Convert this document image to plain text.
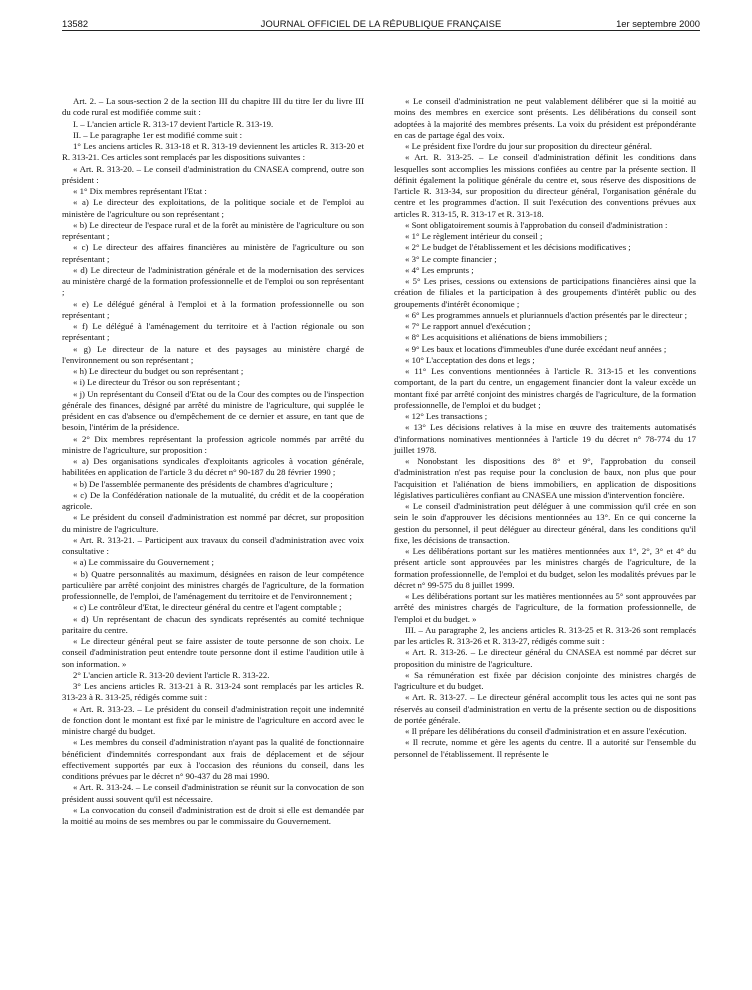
13582	JOURNAL OFFICIEL DE LA RÉPUBLIQUE FRANÇAISE	1er septembre 2000

Art. 2. – La sous-section 2 de la section III du chapitre III du titre Ier du livre III du code rural est modifiée comme suit :

I. – L'ancien article R. 313-17 devient l'article R. 313-19.

II. – Le paragraphe 1er est modifié comme suit :

1° Les anciens articles R. 313-18 et R. 313-19 deviennent les articles R. 313-20 et R. 313-21. Ces articles sont remplacés par les dispositions suivantes :

« Art. R. 313-20. – Le conseil d'administration du CNASEA comprend, outre son président :

« 1° Dix membres représentant l'Etat :

« a) Le directeur des exploitations, de la politique sociale et de l'emploi au ministère de l'agriculture ou son représentant ;

« b) Le directeur de l'espace rural et de la forêt au ministère de l'agriculture ou son représentant ;

« c) Le directeur des affaires financières au ministère de l'agriculture ou son représentant ;

« d) Le directeur de l'administration générale et de la modernisation des services au ministère chargé de la formation professionnelle et de l'emploi ou son représentant ;

« e) Le délégué général à l'emploi et à la formation professionnelle ou son représentant ;

« f) Le délégué à l'aménagement du territoire et à l'action régionale ou son représentant ;

« g) Le directeur de la nature et des paysages au ministère chargé de l'environnement ou son représentant ;

« h) Le directeur du budget ou son représentant ;

« i) Le directeur du Trésor ou son représentant ;

« j) Un représentant du Conseil d'Etat ou de la Cour des comptes ou de l'inspection générale des finances, désigné par arrêté du ministre de l'agriculture, qui supplée le président en cas d'absence ou d'empêchement de ce dernier et assure, en tant que de besoin, l'intérim de la présidence.

« 2° Dix membres représentant la profession agricole nommés par arrêté du ministre de l'agriculture, sur proposition :

« a) Des organisations syndicales d'exploitants agricoles à vocation générale, habilitées en application de l'article 3 du décret n° 90-187 du 28 février 1990 ;

« b) De l'assemblée permanente des présidents de chambres d'agriculture ;

« c) De la Confédération nationale de la mutualité, du crédit et de la coopération agricole.

« Le président du conseil d'administration est nommé par décret, sur proposition du ministre de l'agriculture.

« Art. R. 313-21. – Participent aux travaux du conseil d'administration avec voix consultative :

« a) Le commissaire du Gouvernement ;

« b) Quatre personnalités au maximum, désignées en raison de leur compétence particulière par arrêté conjoint des ministres chargés de l'agriculture, de la formation professionnelle, de l'emploi, de l'aménagement du territoire et de l'environnement ;

« c) Le contrôleur d'Etat, le directeur général du centre et l'agent comptable ;

« d) Un représentant de chacun des syndicats représentés au comité technique paritaire du centre.

« Le directeur général peut se faire assister de toute personne de son choix. Le conseil d'administration peut entendre toute personne dont il estime l'audition utile à son information. »

2° L'ancien article R. 313-20 devient l'article R. 313-22.

3° Les anciens articles R. 313-21 à R. 313-24 sont remplacés par les articles R. 313-23 à R. 313-25, rédigés comme suit :

« Art. R. 313-23. – Le président du conseil d'administration reçoit une indemnité de fonction dont le montant est fixé par le ministre de l'agriculture en accord avec le ministre chargé du budget.

« Les membres du conseil d'administration n'ayant pas la qualité de fonctionnaire bénéficient d'indemnités correspondant aux frais de déplacement et de séjour effectivement supportés par eux à l'occasion des réunions du conseil, dans les conditions prévues par le décret n° 90-437 du 28 mai 1990.

« Art. R. 313-24. – Le conseil d'administration se réunit sur la convocation de son président aussi souvent qu'il est nécessaire.

« La convocation du conseil d'administration est de droit si elle est demandée par la moitié au moins de ses membres ou par le commissaire du Gouvernement.

« Le conseil d'administration ne peut valablement délibérer que si la moitié au moins des membres en exercice sont présents. Les délibérations du conseil sont adoptées à la majorité des membres présents. La voix du président est prépondérante en cas de partage égal des voix.

« Le président fixe l'ordre du jour sur proposition du directeur général.

« Art. R. 313-25. – Le conseil d'administration définit les conditions dans lesquelles sont accomplies les missions confiées au centre par la présente section. Il définit également la politique générale du centre et, sous réserve des dispositions de l'article R. 313-34, sur proposition du directeur général, l'organisation générale du centre et les programmes d'action. Il suit l'exécution des conventions prévues aux articles R. 313-15, R. 313-17 et R. 313-18.

« Sont obligatoirement soumis à l'approbation du conseil d'administration :

« 1° Le règlement intérieur du conseil ;

« 2° Le budget de l'établissement et les décisions modificatives ;

« 3° Le compte financier ;

« 4° Les emprunts ;

« 5° Les prises, cessions ou extensions de participations financières ainsi que la création de filiales et la participation à des groupements d'intérêt public ou des groupements d'intérêt économique ;

« 6° Les programmes annuels et pluriannuels d'action présentés par le directeur ;

« 7° Le rapport annuel d'exécution ;

« 8° Les acquisitions et aliénations de biens immobiliers ;

« 9° Les baux et locations d'immeubles d'une durée excédant neuf années ;

« 10° L'acceptation des dons et legs ;

« 11° Les conventions mentionnées à l'article R. 313-15 et les conventions comportant, de la part du centre, un engagement financier dont la valeur excède un montant fixé par arrêté conjoint des ministres chargés de l'agriculture, de la formation professionnelle, de l'emploi et du budget ;

« 12° Les transactions ;

« 13° Les décisions relatives à la mise en œuvre des traitements automatisés d'informations nominatives mentionnées à l'article 19 du décret n° 78-774 du 17 juillet 1978.

« Nonobstant les dispositions des 8° et 9°, l'approbation du conseil d'administration n'est pas requise pour la conclusion de baux, non plus que pour l'acquisition et l'aliénation de biens immobiliers, en application de dispositions législatives particulières confiant au CNASEA une mission d'intervention foncière.

« Le conseil d'administration peut déléguer à une commission qu'il crée en son sein le soin d'approuver les décisions mentionnées au 13°. En ce qui concerne la gestion du personnel, il peut déléguer au directeur général, dans les conditions qu'il fixe, les décisions de transaction.

« Les délibérations portant sur les matières mentionnées aux 1°, 2°, 3° et 4° du présent article sont approuvées par les ministres chargés de l'agriculture, de la formation professionnelle, de l'emploi et du budget, selon les modalités prévues par le décret n° 99-575 du 8 juillet 1999.

« Les délibérations portant sur les matières mentionnées au 5° sont approuvées par arrêté des ministres chargés de l'agriculture, de la formation professionnelle, de l'emploi et du budget. »

III. – Au paragraphe 2, les anciens articles R. 313-25 et R. 313-26 sont remplacés par les articles R. 313-26 et R. 313-27, rédigés comme suit :

« Art. R. 313-26. – Le directeur général du CNASEA est nommé par décret sur proposition du ministre de l'agriculture.

« Sa rémunération est fixée par décision conjointe des ministres chargés de l'agriculture et du budget.

« Art. R. 313-27. – Le directeur général accomplit tous les actes qui ne sont pas réservés au conseil d'administration en vertu de la présente section ou de dispositions de portée générale.

« Il prépare les délibérations du conseil d'administration et en assure l'exécution.

« Il recrute, nomme et gère les agents du centre. Il a autorité sur l'ensemble du personnel de l'établissement. Il représente le
